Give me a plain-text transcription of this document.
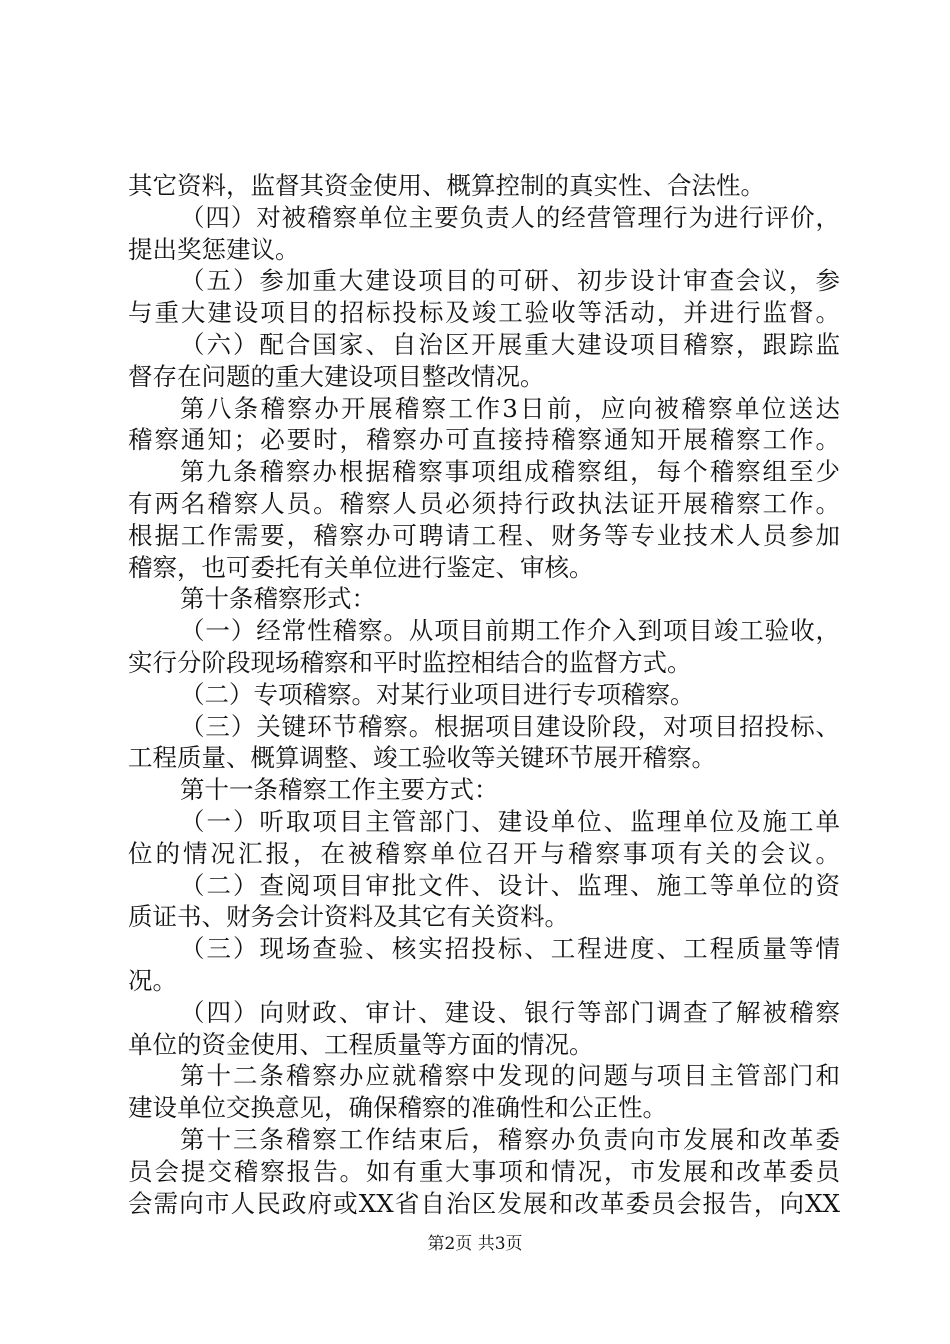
其它资料，监督其资金使用、概算控制的真实性、合法性。
（四）对被稽察单位主要负责人的经营管理行为进行评价，
提出奖惩建议。
（五）参加重大建设项目的可研、初步设计审查会议，参
与重大建设项目的招标投标及竣工验收等活动，并进行监督。
（六）配合国家、自治区开展重大建设项目稽察，跟踪监
督存在问题的重大建设项目整改情况。
第八条稽察办开展稽察工作3日前，应向被稽察单位送达
稽察通知；必要时，稽察办可直接持稽察通知开展稽察工作。
第九条稽察办根据稽察事项组成稽察组，每个稽察组至少
有两名稽察人员。稽察人员必须持行政执法证开展稽察工作。
根据工作需要，稽察办可聘请工程、财务等专业技术人员参加
稽察，也可委托有关单位进行鉴定、审核。
第十条稽察形式：
（一）经常性稽察。从项目前期工作介入到项目竣工验收，
实行分阶段现场稽察和平时监控相结合的监督方式。
（二）专项稽察。对某行业项目进行专项稽察。
（三）关键环节稽察。根据项目建设阶段，对项目招投标、
工程质量、概算调整、竣工验收等关键环节展开稽察。
第十一条稽察工作主要方式：
（一）听取项目主管部门、建设单位、监理单位及施工单
位的情况汇报，在被稽察单位召开与稽察事项有关的会议。
（二）查阅项目审批文件、设计、监理、施工等单位的资
质证书、财务会计资料及其它有关资料。
（三）现场查验、核实招投标、工程进度、工程质量等情
况。
（四）向财政、审计、建设、银行等部门调查了解被稽察
单位的资金使用、工程质量等方面的情况。
第十二条稽察办应就稽察中发现的问题与项目主管部门和
建设单位交换意见，确保稽察的准确性和公正性。
第十三条稽察工作结束后，稽察办负责向市发展和改革委
员会提交稽察报告。如有重大事项和情况，市发展和改革委员
会需向市人民政府或XX省自治区发展和改革委员会报告，向XX
第2页 共3页
